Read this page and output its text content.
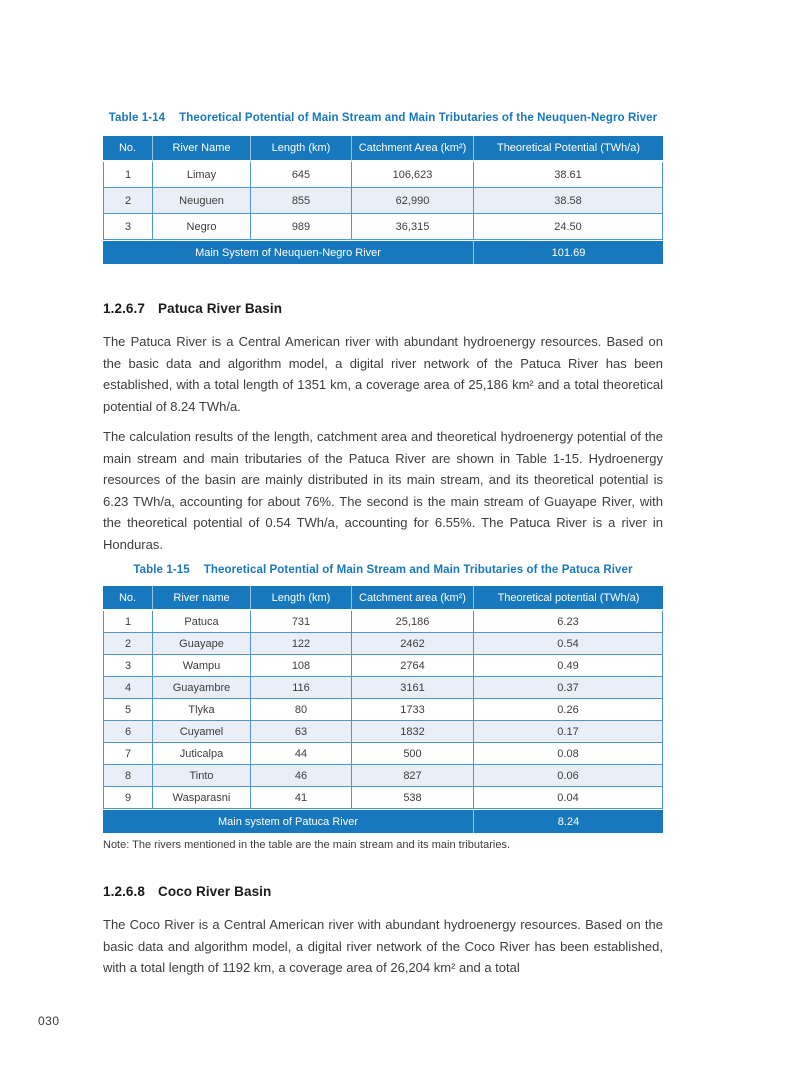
Table 1-14 Theoretical Potential of Main Stream and Main Tributaries of the Neuquen-Negro River
No.	River Name	Length (km)	Catchment Area (km²)	Theoretical Potential (TWh/a)
1	Limay	645	106,623	38.61
2	Neuguen	855	62,990	38.58
3	Negro	989	36,315	24.50
Main System of Neuquen-Negro River				101.69
1.2.6.7 Patuca River Basin

The Patuca River is a Central American river with abundant hydroenergy resources. Based on the basic data and algorithm model, a digital river network of the Patuca River has been established, with a total length of 1351 km, a coverage area of 25,186 km² and a total theoretical potential of 8.24 TWh/a.

The calculation results of the length, catchment area and theoretical hydroenergy potential of the main stream and main tributaries of the Patuca River are shown in Table 1-15. Hydroenergy resources of the basin are mainly distributed in its main stream, and its theoretical potential is 6.23 TWh/a, accounting for about 76%. The second is the main stream of Guayape River, with the theoretical potential of 0.54 TWh/a, accounting for 6.55%. The Patuca River is a river in Honduras.

Table 1-15 Theoretical Potential of Main Stream and Main Tributaries of the Patuca River
No.	River name	Length (km)	Catchment area (km²)	Theoretical potential (TWh/a)
1	Patuca	731	25,186	6.23
2	Guayape	122	2462	0.54
3	Wampu	108	2764	0.49
4	Guayambre	116	3161	0.37
5	Tlyka	80	1733	0.26
6	Cuyamel	63	1832	0.17
7	Juticalpa	44	500	0.08
8	Tinto	46	827	0.06
9	Wasparasni	41	538	0.04
Main system of Patuca River				8.24
Note: The rivers mentioned in the table are the main stream and its main tributaries.
1.2.6.8 Coco River Basin

The Coco River is a Central American river with abundant hydroenergy resources. Based on the basic data and algorithm model, a digital river network of the Coco River has been established, with a total length of 1192 km, a coverage area of 26,204 km² and a total

030
